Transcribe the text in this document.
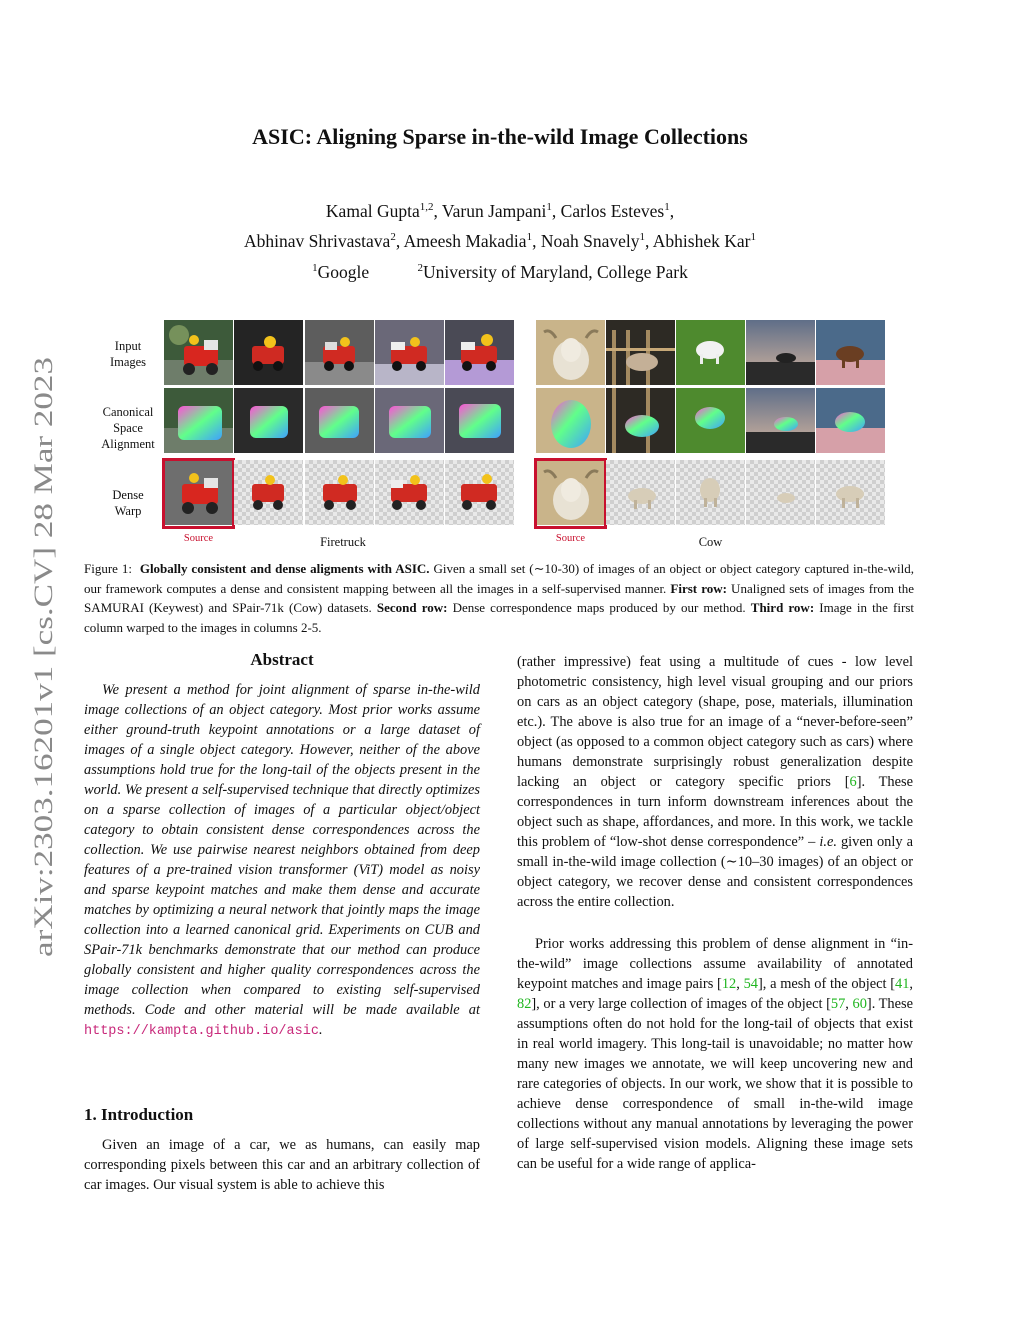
arXiv:2303.16201v1 [cs.CV] 28 Mar 2023
ASIC: Aligning Sparse in-the-wild Image Collections
Kamal Gupta$^{1,2}$, Varun Jampani$^1$, Carlos Esteves$^1$,
Abhinav Shrivastava$^2$, Ameesh Makadia$^1$, Noah Snavely$^1$, Abhishek Kar$^1$
$^1$Google	$^2$University of Maryland, College Park
Input
Images
Canonical
Space
Alignment
Dense
Warp
Source	Source
Firetruck	Cow
Figure 1: Globally consistent and dense aligments with ASIC. Given a small set (∼10-30) of images of an object or object category captured in-the-wild, our framework computes a dense and consistent mapping between all the images in a self-supervised manner. First row: Unaligned sets of images from the SAMURAI (Keywest) and SPair-71k (Cow) datasets. Second row: Dense correspondence maps produced by our method. Third row: Image in the first column warped to the images in columns 2-5.
Abstract
We present a method for joint alignment of sparse in-the-wild image collections of an object category. Most prior works assume either ground-truth keypoint annotations or a large dataset of images of a single object category. However, neither of the above assumptions hold true for the long-tail of the objects present in the world. We present a self-supervised technique that directly optimizes on a sparse collection of images of a particular object/object category to obtain consistent dense correspondences across the collection. We use pairwise nearest neighbors obtained from deep features of a pre-trained vision transformer (ViT) model as noisy and sparse keypoint matches and make them dense and accurate matches by optimizing a neural network that jointly maps the image collection into a learned canonical grid. Experiments on CUB and SPair-71k benchmarks demonstrate that our method can produce globally consistent and higher quality correspondences across the image collection when compared to existing self-supervised methods. Code and other material will be made available at https://kampta.github.io/asic.
1. Introduction
Given an image of a car, we as humans, can easily map corresponding pixels between this car and an arbitrary collection of car images. Our visual system is able to achieve this
(rather impressive) feat using a multitude of cues - low level photometric consistency, high level visual grouping and our priors on cars as an object category (shape, pose, materials, illumination etc.). The above is also true for an image of a “never-before-seen” object (as opposed to a common object category such as cars) where humans demonstrate surprisingly robust generalization despite lacking an object or category specific priors [6]. These correspondences in turn inform downstream inferences about the object such as shape, affordances, and more. In this work, we tackle this problem of “low-shot dense correspondence” – i.e. given only a small in-the-wild image collection (∼10–30 images) of an object or object category, we recover dense and consistent correspondences across the entire collection.
Prior works addressing this problem of dense alignment in “in-the-wild” image collections assume availability of annotated keypoint matches and image pairs [12, 54], a mesh of the object [41, 82], or a very large collection of images of the object [57, 60]. These assumptions often do not hold for the long-tail of objects that exist in real world imagery. This long-tail is unavoidable; no matter how many new images we annotate, we will keep uncovering new and rare categories of objects. In our work, we show that it is possible to achieve dense correspondence of small in-the-wild image collections without any manual annotations by leveraging the power of large self-supervised vision models. Aligning these image sets can be useful for a wide range of applica-
